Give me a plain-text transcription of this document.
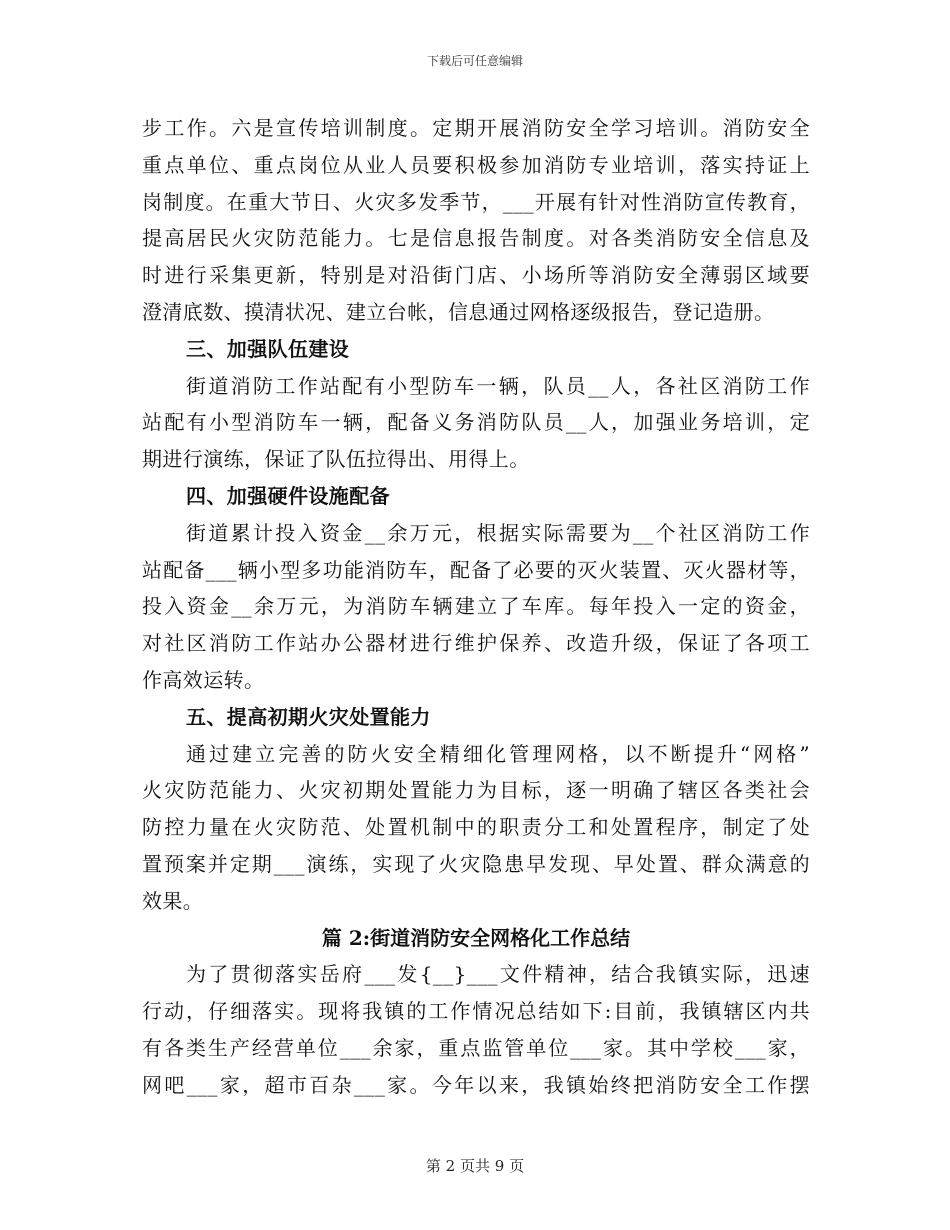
下载后可任意编辑
步工作。六是宣传培训制度。定期开展消防安全学习培训。消防安全
重点单位、重点岗位从业人员要积极参加消防专业培训，落实持证上
岗制度。在重大节日、火灾多发季节，___开展有针对性消防宣传教育，
提高居民火灾防范能力。七是信息报告制度。对各类消防安全信息及
时进行采集更新，特别是对沿街门店、小场所等消防安全薄弱区域要
澄清底数、摸清状况、建立台帐，信息通过网格逐级报告，登记造册。
三、加强队伍建设
街道消防工作站配有小型防车一辆，队员__人，各社区消防工作
站配有小型消防车一辆，配备义务消防队员__人，加强业务培训，定
期进行演练，保证了队伍拉得出、用得上。
四、加强硬件设施配备
街道累计投入资金__余万元，根据实际需要为__个社区消防工作
站配备___辆小型多功能消防车，配备了必要的灭火装置、灭火器材等，
投入资金__余万元，为消防车辆建立了车库。每年投入一定的资金，
对社区消防工作站办公器材进行维护保养、改造升级，保证了各项工
作高效运转。
五、提高初期火灾处置能力
通过建立完善的防火安全精细化管理网格，以不断提升“网格”
火灾防范能力、火灾初期处置能力为目标，逐一明确了辖区各类社会
防控力量在火灾防范、处置机制中的职责分工和处置程序，制定了处
置预案并定期___演练，实现了火灾隐患早发现、早处置、群众满意的
效果。
篇 2:街道消防安全网格化工作总结
为了贯彻落实岳府___发{__}___文件精神，结合我镇实际，迅速
行动，仔细落实。现将我镇的工作情况总结如下:目前，我镇辖区内共
有各类生产经营单位___余家，重点监管单位___家。其中学校___家，
网吧___家，超市百杂___家。今年以来，我镇始终把消防安全工作摆
第 2 页共 9 页
